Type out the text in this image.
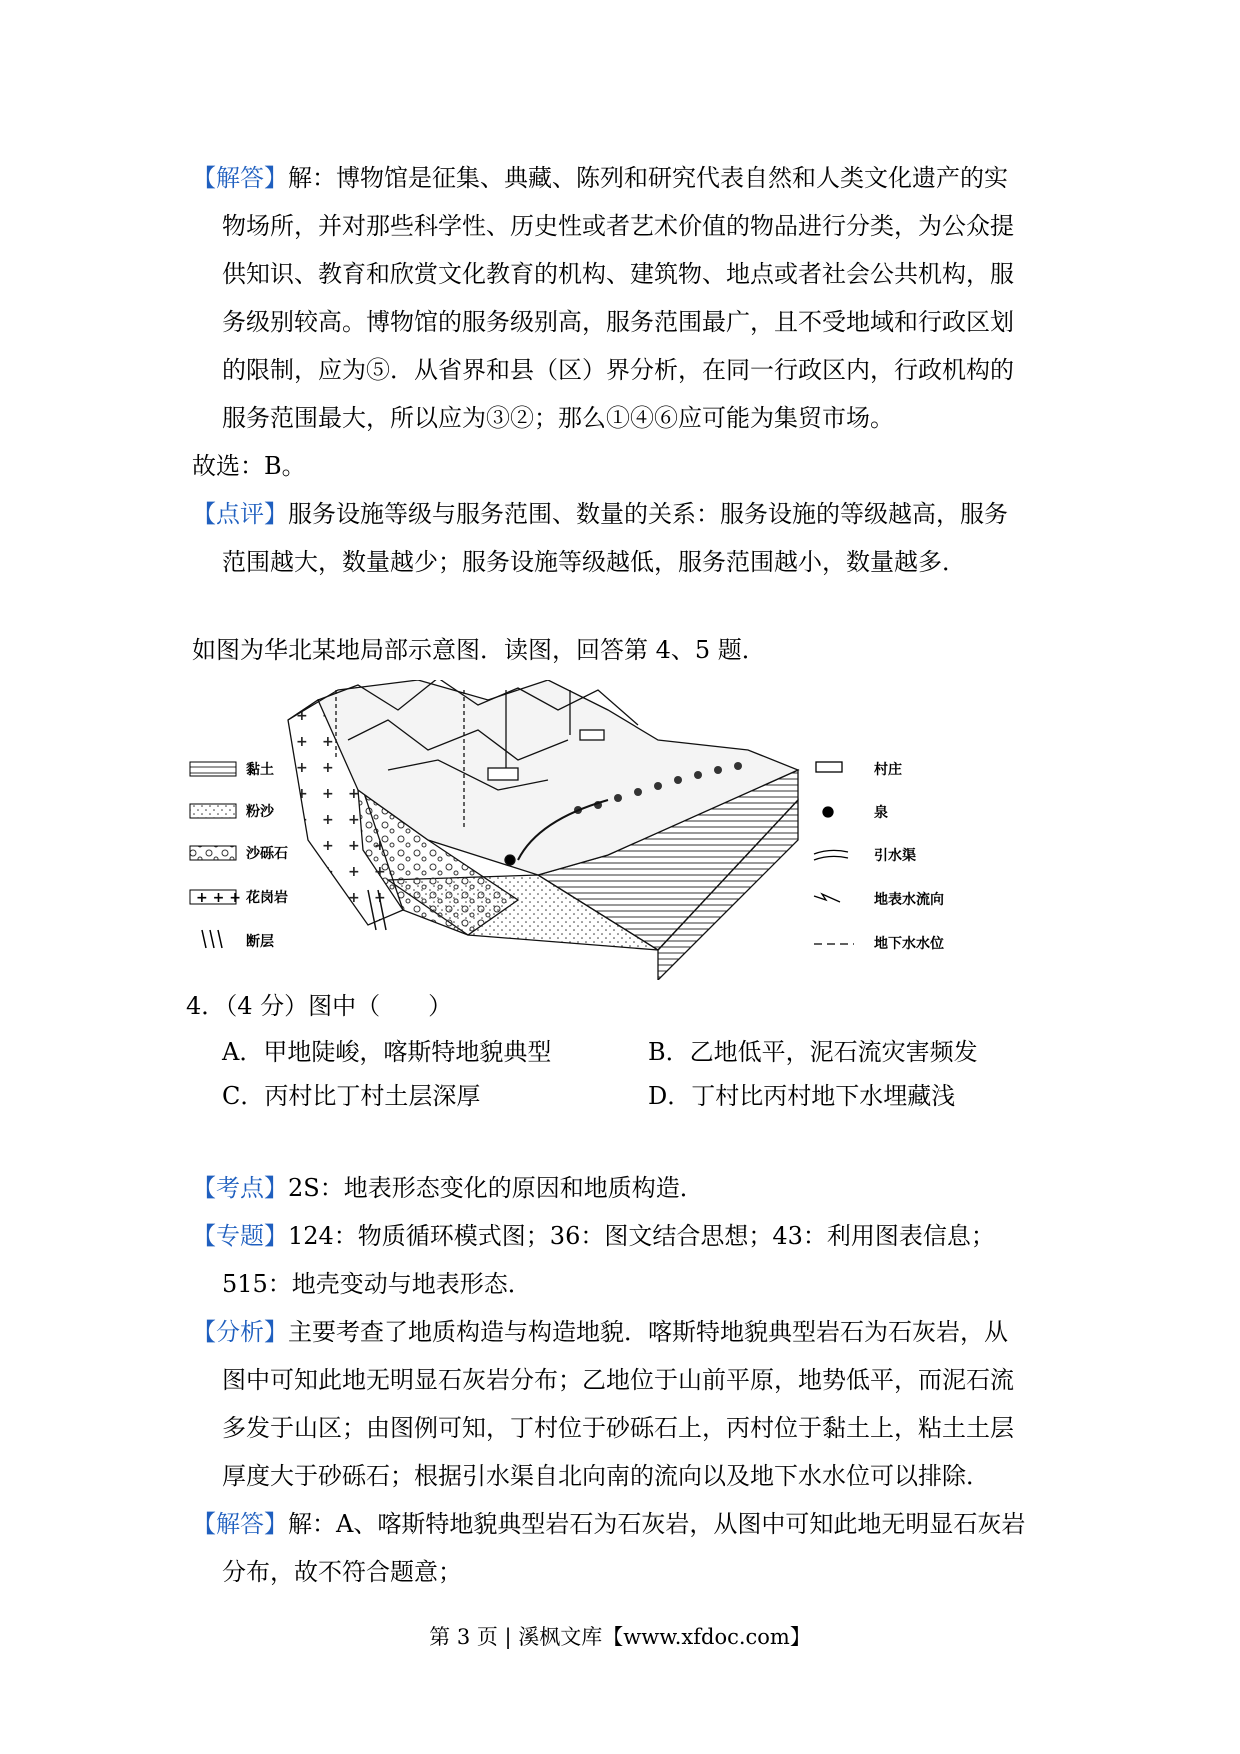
【解答】解：博物馆是征集、典藏、陈列和研究代表自然和人类文化遗产的实
物场所，并对那些科学性、历史性或者艺术价值的物品进行分类，为公众提
供知识、教育和欣赏文化教育的机构、建筑物、地点或者社会公共机构，服
务级别较高。博物馆的服务级别高，服务范围最广，且不受地域和行政区划
的限制，应为⑤．从省界和县（区）界分析，在同一行政区内，行政机构的
服务范围最大，所以应为③②；那么①④⑥应可能为集贸市场。
故选：B。
【点评】服务设施等级与服务范围、数量的关系：服务设施的等级越高，服务
范围越大，数量越少；服务设施等级越低，服务范围越小，数量越多．
如图为华北某地局部示意图．读图，回答第 4、5 题．
+ + +
黏土
粉沙
沙砾石
花岗岩
断层
村庄
泉
引水渠
地表水流向
地下水水位
4．（4 分）图中（　　）
A．甲地陡峻，喀斯特地貌典型	B．乙地低平，泥石流灾害频发
C．丙村比丁村土层深厚	D．丁村比丙村地下水埋藏浅
【考点】2S：地表形态变化的原因和地质构造．
【专题】124：物质循环模式图；36：图文结合思想；43：利用图表信息；
515：地壳变动与地表形态．
【分析】主要考查了地质构造与构造地貌．喀斯特地貌典型岩石为石灰岩，从
图中可知此地无明显石灰岩分布；乙地位于山前平原，地势低平，而泥石流
多发于山区；由图例可知，丁村位于砂砾石上，丙村位于黏土上，粘土土层
厚度大于砂砾石；根据引水渠自北向南的流向以及地下水水位可以排除．
【解答】解：A、喀斯特地貌典型岩石为石灰岩，从图中可知此地无明显石灰岩
分布，故不符合题意；
第 3 页 | 溪枫文库【www.xfdoc.com】
